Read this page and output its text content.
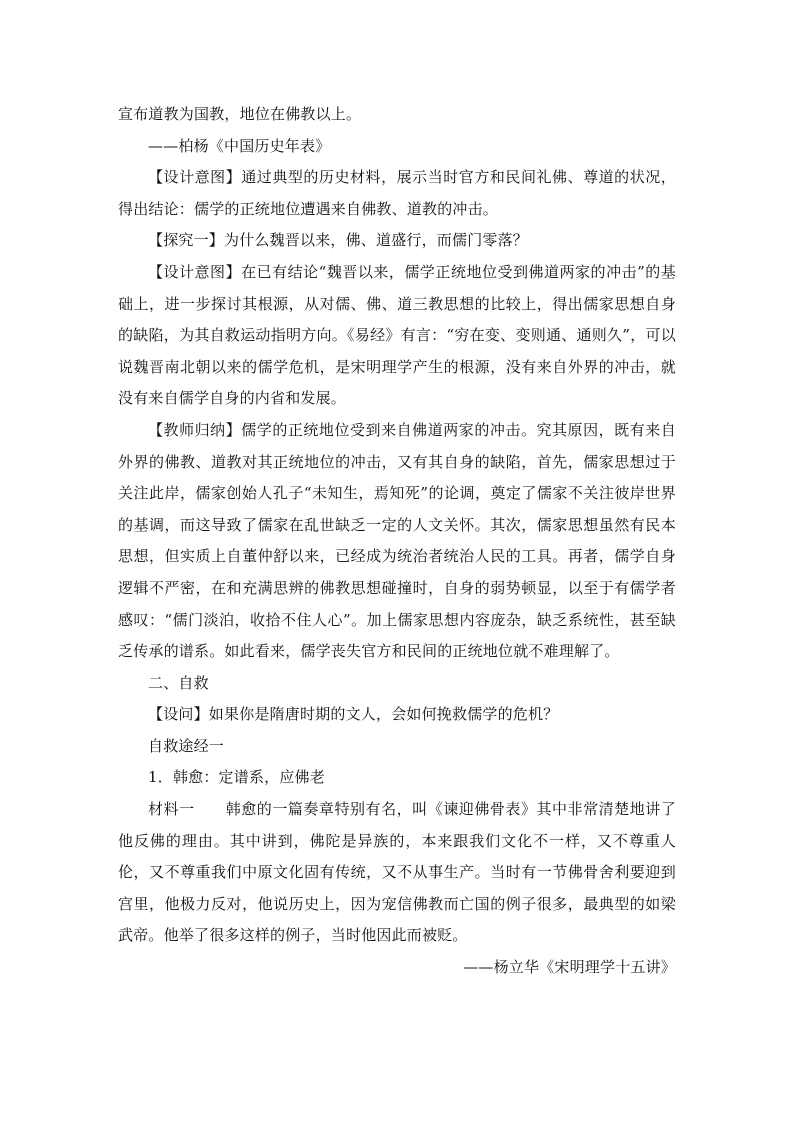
宣布道教为国教，地位在佛教以上。

——柏杨《中国历史年表》

【设计意图】通过典型的历史材料，展示当时官方和民间礼佛、尊道的状况，得出结论：儒学的正统地位遭遇来自佛教、道教的冲击。

【探究一】为什么魏晋以来，佛、道盛行，而儒门零落？

【设计意图】在已有结论“魏晋以来，儒学正统地位受到佛道两家的冲击”的基础上，进一步探讨其根源，从对儒、佛、道三教思想的比较上，得出儒家思想自身的缺陷，为其自救运动指明方向。《易经》有言：“穷在变、变则通、通则久”，可以说魏晋南北朝以来的儒学危机，是宋明理学产生的根源，没有来自外界的冲击，就没有来自儒学自身的内省和发展。

【教师归纳】儒学的正统地位受到来自佛道两家的冲击。究其原因，既有来自外界的佛教、道教对其正统地位的冲击，又有其自身的缺陷，首先，儒家思想过于关注此岸，儒家创始人孔子“未知生，焉知死”的论调，奠定了儒家不关注彼岸世界的基调，而这导致了儒家在乱世缺乏一定的人文关怀。其次，儒家思想虽然有民本思想，但实质上自董仲舒以来，已经成为统治者统治人民的工具。再者，儒学自身逻辑不严密，在和充满思辨的佛教思想碰撞时，自身的弱势顿显，以至于有儒学者感叹：“儒门淡泊，收拾不住人心”。加上儒家思想内容庞杂，缺乏系统性，甚至缺乏传承的谱系。如此看来，儒学丧失官方和民间的正统地位就不难理解了。

二、自救

【设问】如果你是隋唐时期的文人，会如何挽救儒学的危机？

自救途经一

1．韩愈：定谱系，应佛老

材料一　　韩愈的一篇奏章特别有名，叫《谏迎佛骨表》其中非常清楚地讲了他反佛的理由。其中讲到，佛陀是异族的，本来跟我们文化不一样，又不尊重人伦，又不尊重我们中原文化固有传统，又不从事生产。当时有一节佛骨舍利要迎到宫里，他极力反对，他说历史上，因为宠信佛教而亡国的例子很多，最典型的如梁武帝。他举了很多这样的例子，当时他因此而被贬。

——杨立华《宋明理学十五讲》
